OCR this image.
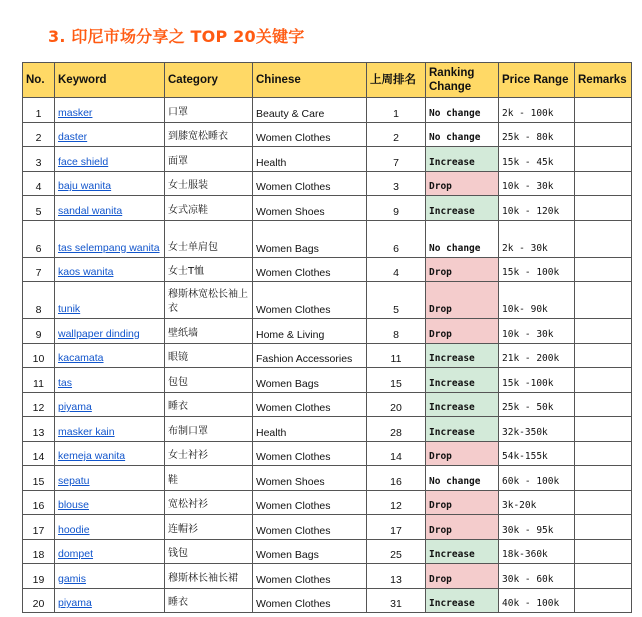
3. 印尼市场分享之 TOP 20关键字
No.	Keyword	Category	Chinese	上周排名	Ranking Change	Price Range	Remarks
1	masker	口罩	Beauty & Care	1	No change	2k - 100k	
2	daster	到膝宽松睡衣	Women Clothes	2	No change	25k - 80k	
3	face shield	面罩	Health	7	Increase	15k - 45k	
4	baju wanita	女士服装	Women Clothes	3	Drop	10k - 30k	
5	sandal wanita	女式凉鞋	Women Shoes	9	Increase	10k - 120k	
6	tas selempang wanita	女士单肩包	Women Bags	6	No change	2k - 30k	
7	kaos wanita	女士T恤	Women Clothes	4	Drop	15k - 100k	
8	tunik	穆斯林宽松长袖上衣	Women Clothes	5	Drop	10k- 90k	
9	wallpaper dinding	壁纸墙	Home & Living	8	Drop	10k - 30k	
10	kacamata	眼镜	Fashion Accessories	11	Increase	21k - 200k	
11	tas	包包	Women Bags	15	Increase	15k -100k	
12	piyama	睡衣	Women Clothes	20	Increase	25k - 50k	
13	masker kain	布制口罩	Health	28	Increase	32k-350k	
14	kemeja wanita	女士衬衫	Women Clothes	14	Drop	54k-155k	
15	sepatu	鞋	Women Shoes	16	No change	60k - 100k	
16	blouse	宽松衬衫	Women Clothes	12	Drop	3k-20k	
17	hoodie	连帽衫	Women Clothes	17	Drop	30k - 95k	
18	dompet	钱包	Women Bags	25	Increase	18k-360k	
19	gamis	穆斯林长袖长裙	Women Clothes	13	Drop	30k - 60k	
20	piyama	睡衣	Women Clothes	31	Increase	40k - 100k	
